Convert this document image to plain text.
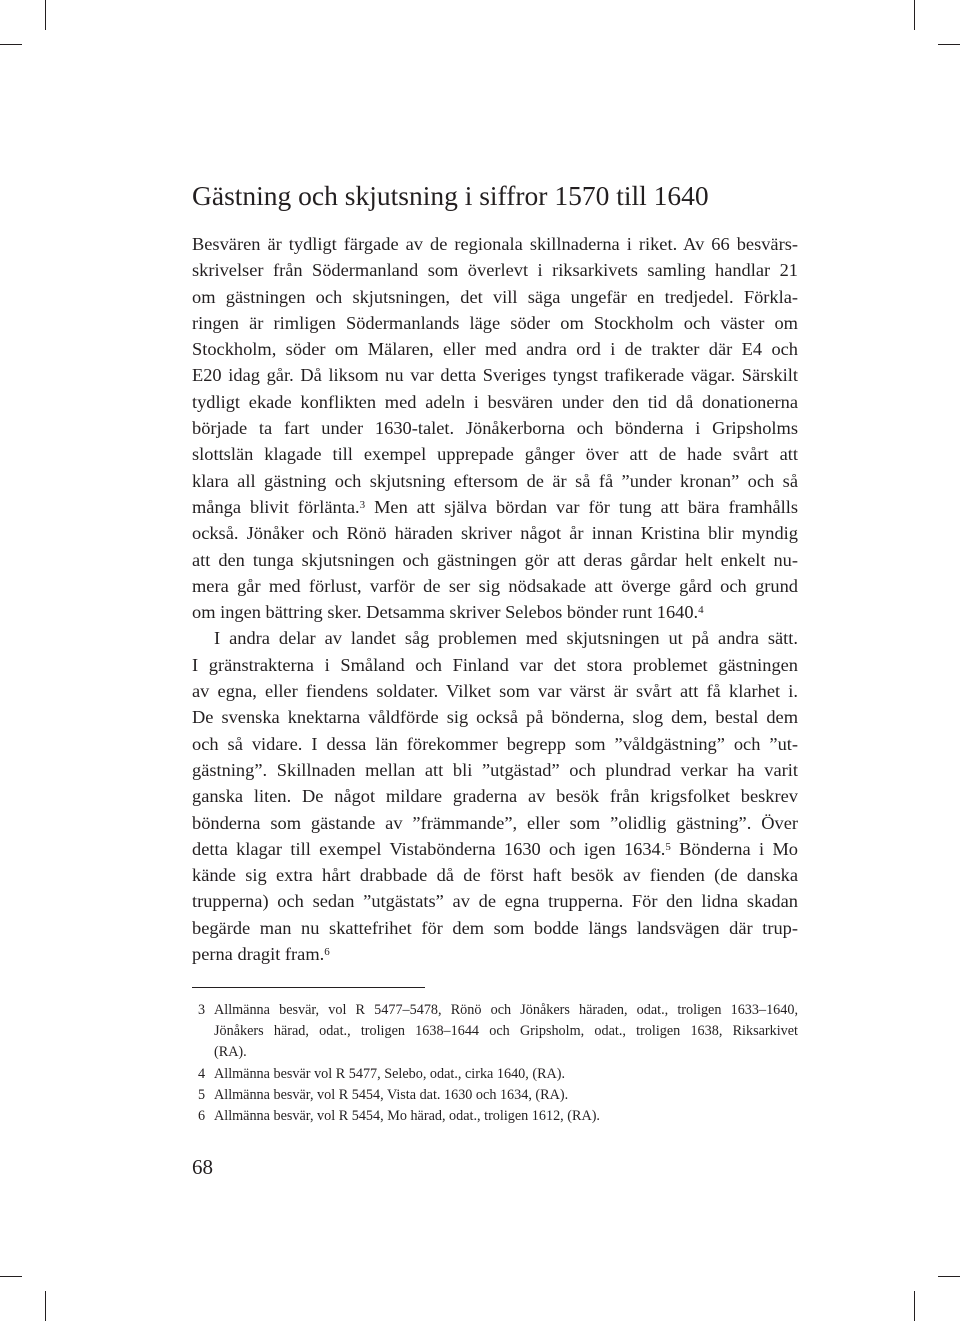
Gästning och skjutsning i siffror 1570 till 1640
Besvären är tydligt färgade av de regionala skillnaderna i riket. Av 66 besvärs-
skrivelser från Södermanland som överlevt i riksarkivets samling handlar 21
om gästningen och skjutsningen, det vill säga ungefär en tredjedel. Förkla-
ringen är rimligen Södermanlands läge söder om Stockholm och väster om
Stockholm, söder om Mälaren, eller med andra ord i de trakter där E4 och
E20 idag går. Då liksom nu var detta Sveriges tyngst trafikerade vägar. Särskilt
tydligt ekade konflikten med adeln i besvären under den tid då donationerna
började ta fart under 1630-talet. Jönåkerborna och bönderna i Gripsholms
slottslän klagade till exempel upprepade gånger över att de hade svårt att
klara all gästning och skjutsning eftersom de är så få ”under kronan” och så
många blivit förlänta.$^3$ Men att själva bördan var för tung att bära framhålls
också. Jönåker och Rönö häraden skriver något år innan Kristina blir myndig
att den tunga skjutsningen och gästningen gör att deras gårdar helt enkelt nu-
mera går med förlust, varför de ser sig nödsakade att överge gård och grund
om ingen bättring sker. Detsamma skriver Selebos bönder runt 1640.$^4$
I andra delar av landet såg problemen med skjutsningen ut på andra sätt.
I gränstrakterna i Småland och Finland var det stora problemet gästningen
av egna, eller fiendens soldater. Vilket som var värst är svårt att få klarhet i.
De svenska knektarna våldförde sig också på bönderna, slog dem, bestal dem
och så vidare. I dessa län förekommer begrepp som ”våldgästning” och ”ut-
gästning”. Skillnaden mellan att bli ”utgästad” och plundrad verkar ha varit
ganska liten. De något mildare graderna av besök från krigsfolket beskrev
bönderna som gästande av ”främmande”, eller som ”olidlig gästning”. Över
detta klagar till exempel Vistabönderna 1630 och igen 1634.$^5$ Bönderna i Mo
kände sig extra hårt drabbade då de först haft besök av fienden (de danska
trupperna) och sedan ”utgästats” av de egna trupperna. För den lidna skadan
begärde man nu skattefrihet för dem som bodde längs landsvägen där trup-
perna dragit fram.$^6$
3 Allmänna besvär, vol R 5477–5478, Rönö och Jönåkers häraden, odat., troligen 1633–1640,
Jönåkers härad, odat., troligen 1638–1644 och Gripsholm, odat., troligen 1638, Riksarkivet
(RA).
4 Allmänna besvär vol R 5477, Selebo, odat., cirka 1640, (RA).
5 Allmänna besvär, vol R 5454, Vista dat. 1630 och 1634, (RA).
6 Allmänna besvär, vol R 5454, Mo härad, odat., troligen 1612, (RA).
68
